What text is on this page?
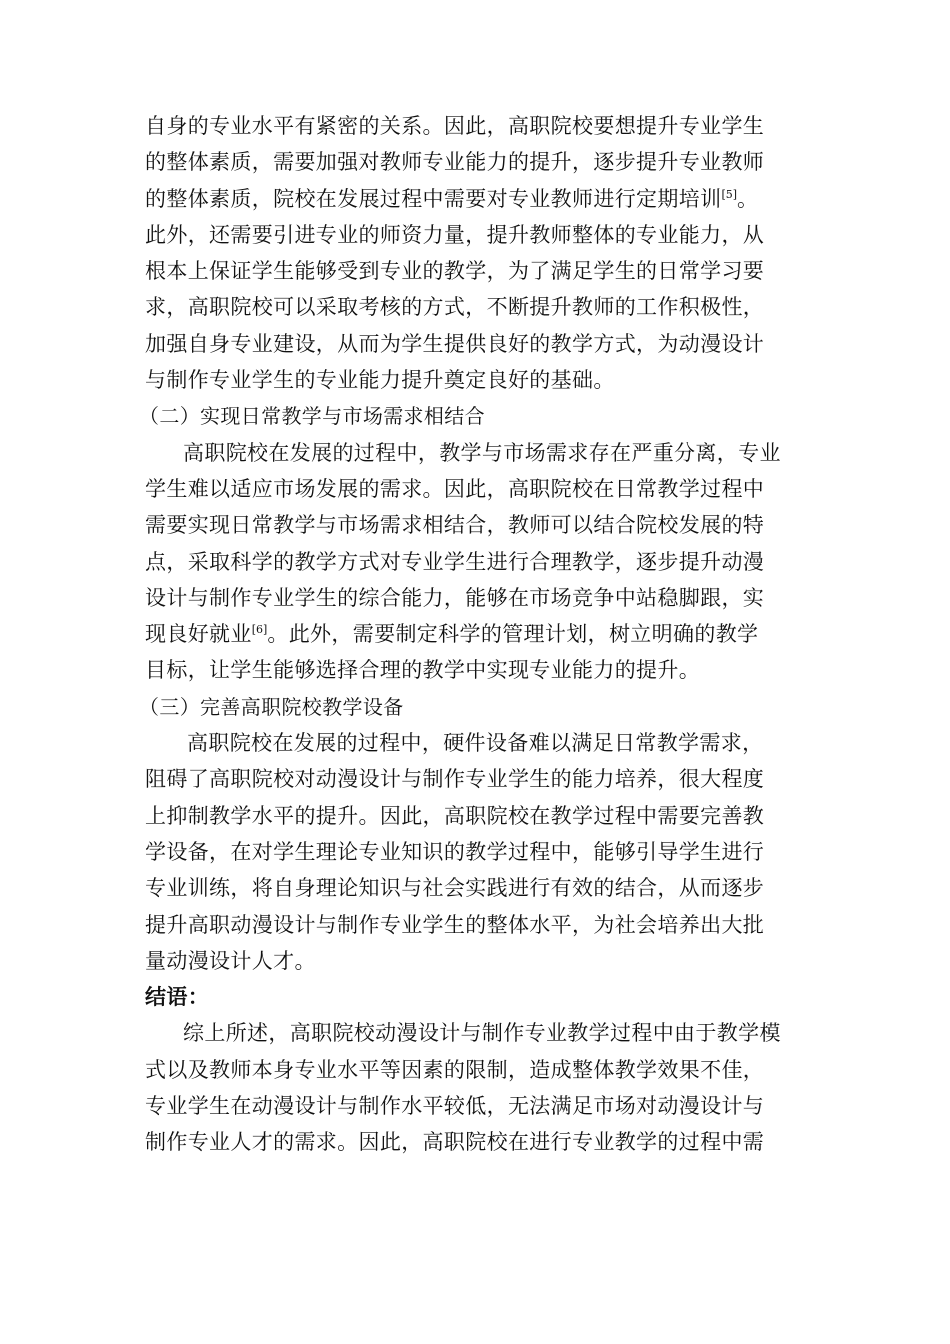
自身的专业水平有紧密的关系。因此，高职院校要想提升专业学生
的整体素质，需要加强对教师专业能力的提升，逐步提升专业教师
的整体素质，院校在发展过程中需要对专业教师进行定期培训[5]。
此外，还需要引进专业的师资力量，提升教师整体的专业能力，从
根本上保证学生能够受到专业的教学，为了满足学生的日常学习要
求，高职院校可以采取考核的方式，不断提升教师的工作积极性，
加强自身专业建设，从而为学生提供良好的教学方式，为动漫设计
与制作专业学生的专业能力提升奠定良好的基础。
（二）实现日常教学与市场需求相结合
高职院校在发展的过程中，教学与市场需求存在严重分离，专业
学生难以适应市场发展的需求。因此，高职院校在日常教学过程中
需要实现日常教学与市场需求相结合，教师可以结合院校发展的特
点，采取科学的教学方式对专业学生进行合理教学，逐步提升动漫
设计与制作专业学生的综合能力，能够在市场竞争中站稳脚跟，实
现良好就业[6]。此外，需要制定科学的管理计划，树立明确的教学
目标，让学生能够选择合理的教学中实现专业能力的提升。
（三）完善高职院校教学设备
高职院校在发展的过程中，硬件设备难以满足日常教学需求，
阻碍了高职院校对动漫设计与制作专业学生的能力培养，很大程度
上抑制教学水平的提升。因此，高职院校在教学过程中需要完善教
学设备，在对学生理论专业知识的教学过程中，能够引导学生进行
专业训练，将自身理论知识与社会实践进行有效的结合，从而逐步
提升高职动漫设计与制作专业学生的整体水平，为社会培养出大批
量动漫设计人才。
结语：
综上所述，高职院校动漫设计与制作专业教学过程中由于教学模
式以及教师本身专业水平等因素的限制，造成整体教学效果不佳，
专业学生在动漫设计与制作水平较低，无法满足市场对动漫设计与
制作专业人才的需求。因此，高职院校在进行专业教学的过程中需
